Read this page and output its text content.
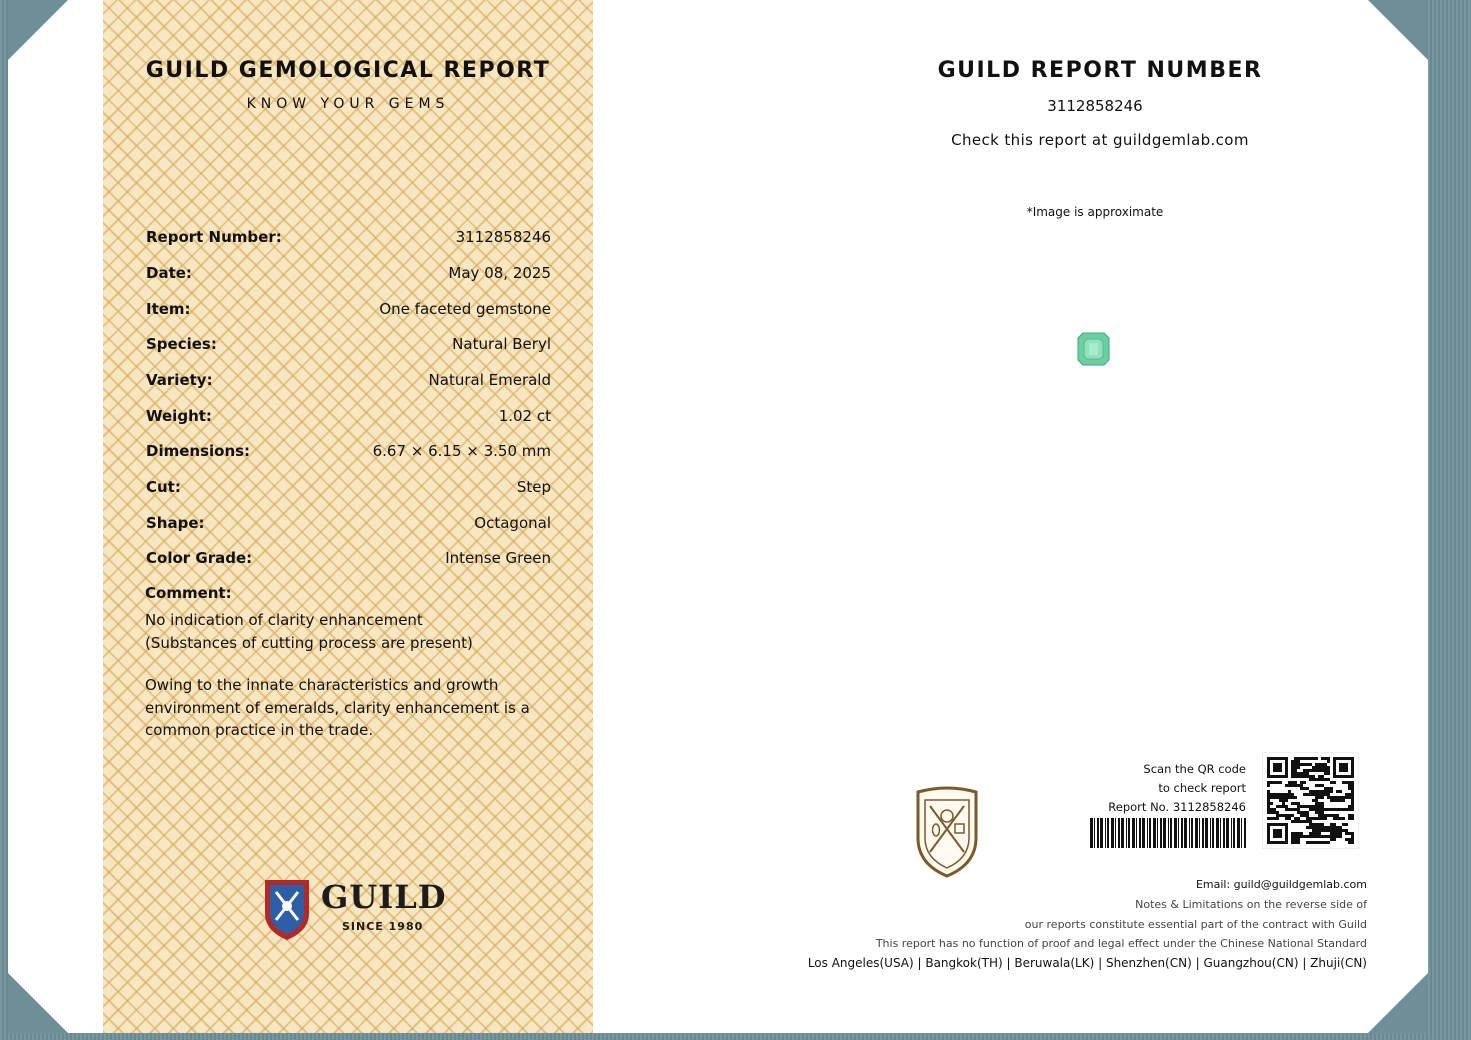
GUILD GEMOLOGICAL REPORT
KNOW YOUR GEMS
Report Number:	3112858246
Date:	May 08, 2025
Item:	One faceted gemstone
Species:	Natural Beryl
Variety:	Natural Emerald
Weight:	1.02 ct
Dimensions:	6.67 × 6.15 × 3.50 mm
Cut:	Step
Shape:	Octagonal
Color Grade:	Intense Green
Comment:
No indication of clarity enhancement
(Substances of cutting process are present)
Owing to the innate characteristics and growth environment of emeralds, clarity enhancement is a common practice in the trade.
GUILD
SINCE 1980
GUILD REPORT NUMBER
3112858246
Check this report at guildgemlab.com
*Image is approximate
Scan the QR code
to check report
Report No. 3112858246
Email: guild@guildgemlab.com
Notes & Limitations on the reverse side of
our reports constitute essential part of the contract with Guild
This report has no function of proof and legal effect under the Chinese National Standard
Los Angeles(USA) | Bangkok(TH) | Beruwala(LK) | Shenzhen(CN) | Guangzhou(CN) | Zhuji(CN)
